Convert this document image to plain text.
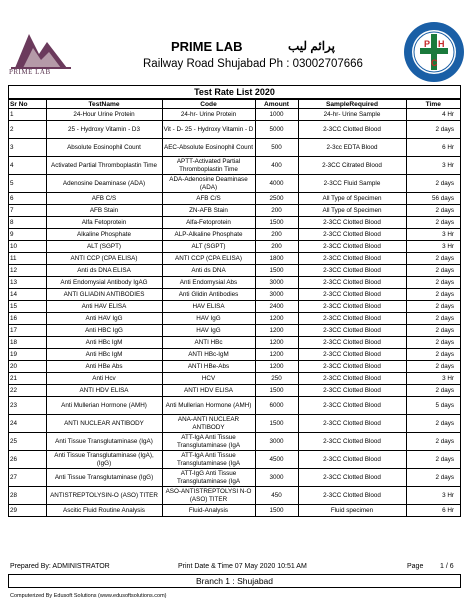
PRIME LAB
PRIME LAB	پرائم لیب
Railway Road Shujabad Ph : 03002707666
P H
C
Test Rate List 2020
Sr No	TestName	Code	Amount	SampleRequired	Time
1	24-Hour Urine Protein	24-hr- Urine Protein	1000	24-hr- Urine Sample	4 Hr
2	25 - Hydroxy Vitamin - D3	Vit - D- 25 - Hydroxy Vitamin - D	5000	2-3CC Clotted Blood	2 days
3	Absolute Eosinophil Count	AEC-Absolute Eosinophil Count	500	2-3cc EDTA Blood	6 Hr
4	Activated Partial Thromboplastin Time	APTT-Activated Partial Thromboplastin Time	400	2-3CC Citrated Blood	3 Hr
5	Adenosine Deaminase (ADA)	ADA-Adenosine Deaminase (ADA)	4000	2-3CC Fluid Sample	2 days
6	AFB C/S	AFB C/S	2500	All Type of Specimen	56 days
7	AFB Stain	ZN-AFB Stain	200	All Type of Specimen	2 days
8	Alfa Fetoprotein	Alfa-Fetoprotein	1500	2-3CC Clotted Blood	2 days
9	Alkaline Phosphate	ALP-Alkaline Phosphate	200	2-3CC Clotted Blood	3 Hr
10	ALT (SGPT)	ALT (SGPT)	200	2-3CC Clotted Blood	3 Hr
11	ANTI CCP (CPA ELISA)	ANTI CCP (CPA ELISA)	1800	2-3CC Clotted Blood	2 days
12	Anti ds DNA ELISA	Anti ds DNA	1500	2-3CC Clotted Blood	2 days
13	Anti Endomysial Antibody IgAG	Anti Endomysial Abs	3000	2-3CC Clotted Blood	2 days
14	ANTI GLIADIN ANTIBODIES	Anti Glidin Antibodies	3000	2-3CC Clotted Blood	2 days
15	Anti HAV ELISA	HAV ELISA	2400	2-3CC Clotted Blood	2 days
16	Anti HAV IgG	HAV IgG	1200	2-3CC Clotted Blood	2 days
17	Anti HBC IgG	HAV IgG	1200	2-3CC Clotted Blood	2 days
18	Anti HBc IgM	ANTI HBc	1200	2-3CC Clotted Blood	2 days
19	Anti HBc IgM	ANTI HBc-IgM	1200	2-3CC Clotted Blood	2 days
20	Anti HBe Abs	ANTI HBe-Abs	1200	2-3CC Clotted Blood	2 days
21	Anti Hcv	HCV	250	2-3CC Clotted Blood	3 Hr
22	ANTI HDV ELISA	ANTI HDV ELISA	1500	2-3CC Clotted Blood	2 days
23	Anti Mullerian Hormone (AMH)	Anti Mullerian Hormone (AMH)	6000	2-3CC Clotted Blood	5 days
24	ANTI NUCLEAR ANTIBODY	ANA-ANTI NUCLEAR ANTIBODY	1500	2-3CC Clotted Blood	2 days
25	Anti Tissue Transglutaminase (IgA)	ATT-IgA Anti Tissue Transglutaminase (IgA	3000	2-3CC Clotted Blood	2 days
26	Anti Tissue Transglutaminase (IgA), (IgG)	ATT-IgA Anti Tissue Transglutaminase (IgA	4500	2-3CC Clotted Blood	2 days
27	Anti Tissue Transglutaminase (IgG)	ATT-IgG Anti Tissue Transglutaminase (IgA	3000	2-3CC Clotted Blood	2 days
28	ANTISTREPTOLYSIN-O (ASO) TITER	ASO-ANTISTREPTOLYSI N-O (ASO) TITER	450	2-3CC Clotted Blood	3 Hr
29	Ascitic Fluid Routine Analysis	Fluid-Analysis	1500	Fluid specimen	6 Hr
Prepared By: ADMINISTRATOR	Print Date & Time 07 May 2020 10:51 AM	Page 1 / 6
Branch 1 : Shujabad
Computerized By Edusoft Solutions (www.edusoftsolutions.com)
